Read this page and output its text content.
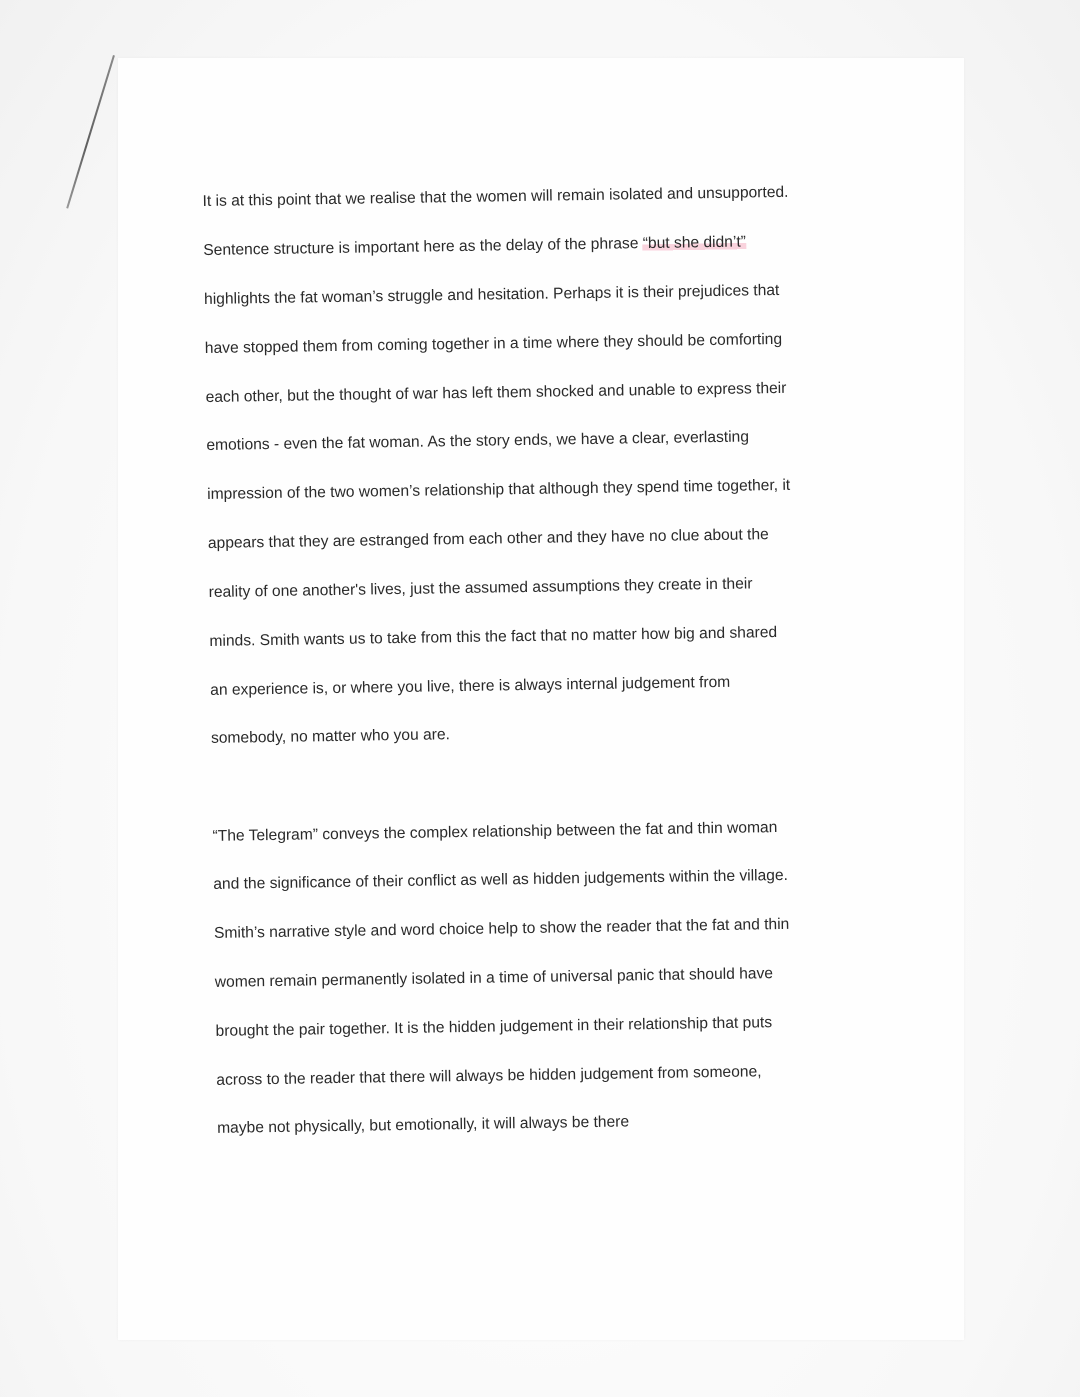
It is at this point that we realise that the women will remain isolated and unsupported.

Sentence structure is important here as the delay of the phrase “but she didn’t”

highlights the fat woman’s struggle and hesitation. Perhaps it is their prejudices that

have stopped them from coming together in a time where they should be comforting

each other, but the thought of war has left them shocked and unable to express their

emotions - even the fat woman. As the story ends, we have a clear, everlasting

impression of the two women’s relationship that although they spend time together, it

appears that they are estranged from each other and they have no clue about the

reality of one another's lives, just the assumed assumptions they create in their

minds. Smith wants us to take from this the fact that no matter how big and shared

an experience is, or where you live, there is always internal judgement from

somebody, no matter who you are.

“The Telegram” conveys the complex relationship between the fat and thin woman

and the significance of their conflict as well as hidden judgements within the village.

Smith’s narrative style and word choice help to show the reader that the fat and thin

women remain permanently isolated in a time of universal panic that should have

brought the pair together. It is the hidden judgement in their relationship that puts

across to the reader that there will always be hidden judgement from someone,

maybe not physically, but emotionally, it will always be there
